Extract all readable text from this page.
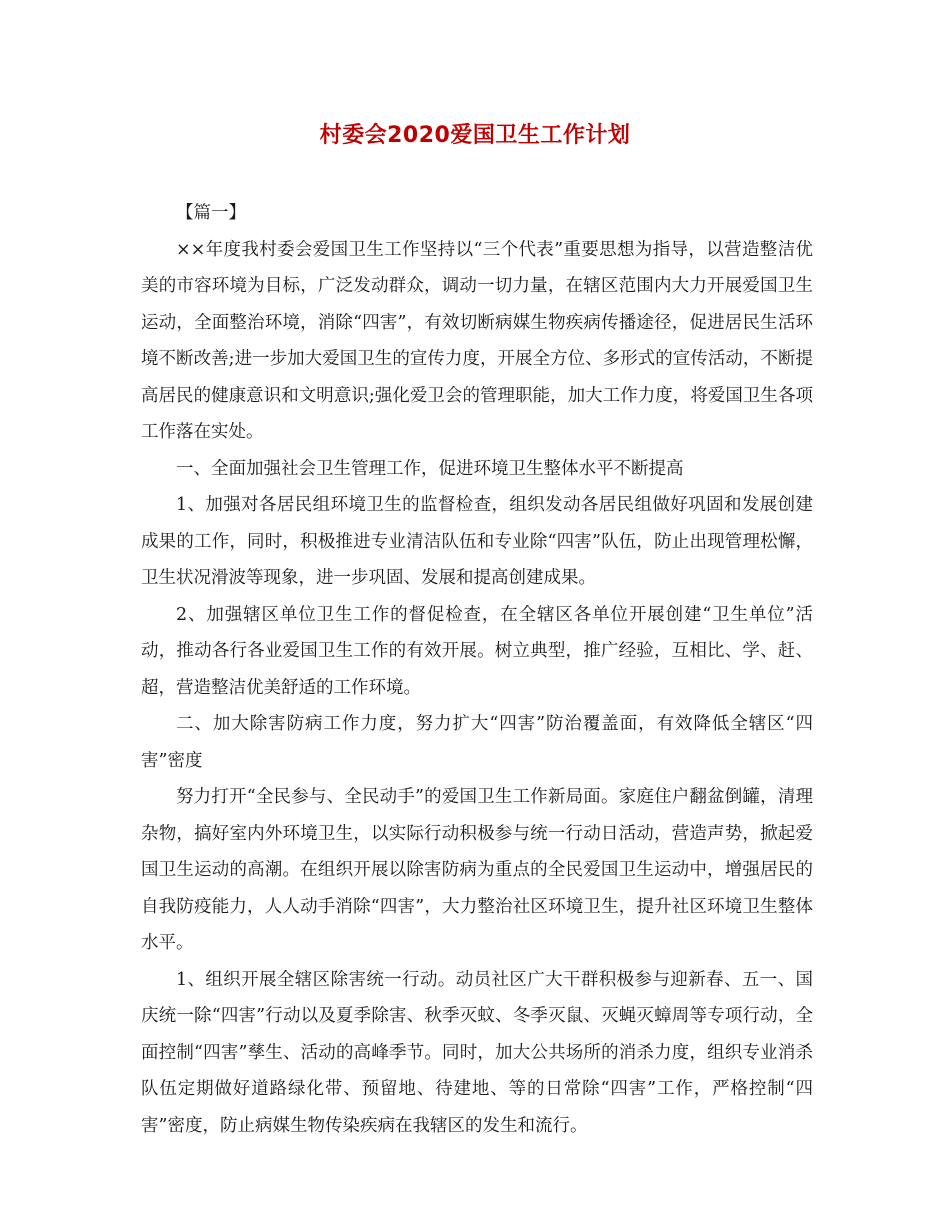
村委会2020爱国卫生工作计划

【篇一】

××年度我村委会爱国卫生工作坚持以“三个代表”重要思想为指导，以营造整洁优美的市容环境为目标，广泛发动群众，调动一切力量，在辖区范围内大力开展爱国卫生运动，全面整治环境，消除“四害”，有效切断病媒生物疾病传播途径，促进居民生活环境不断改善;进一步加大爱国卫生的宣传力度，开展全方位、多形式的宣传活动，不断提高居民的健康意识和文明意识;强化爱卫会的管理职能，加大工作力度，将爱国卫生各项工作落在实处。

一、全面加强社会卫生管理工作，促进环境卫生整体水平不断提高

1、加强对各居民组环境卫生的监督检查，组织发动各居民组做好巩固和发展创建成果的工作，同时，积极推进专业清洁队伍和专业除“四害”队伍，防止出现管理松懈，卫生状况滑波等现象，进一步巩固、发展和提高创建成果。

2、加强辖区单位卫生工作的督促检查，在全辖区各单位开展创建“卫生单位”活动，推动各行各业爱国卫生工作的有效开展。树立典型，推广经验，互相比、学、赶、超，营造整洁优美舒适的工作环境。

二、加大除害防病工作力度，努力扩大“四害”防治覆盖面，有效降低全辖区“四害”密度

努力打开“全民参与、全民动手”的爱国卫生工作新局面。家庭住户翻盆倒罐，清理杂物，搞好室内外环境卫生，以实际行动积极参与统一行动日活动，营造声势，掀起爱国卫生运动的高潮。在组织开展以除害防病为重点的全民爱国卫生运动中，增强居民的自我防疫能力，人人动手消除“四害”，大力整治社区环境卫生，提升社区环境卫生整体水平。

1、组织开展全辖区除害统一行动。动员社区广大干群积极参与迎新春、五一、国庆统一除“四害”行动以及夏季除害、秋季灭蚊、冬季灭鼠、灭蝇灭蟑周等专项行动，全面控制“四害”孳生、活动的高峰季节。同时，加大公共场所的消杀力度，组织专业消杀队伍定期做好道路绿化带、预留地、待建地、等的日常除“四害”工作，严格控制“四害”密度，防止病媒生物传染疾病在我辖区的发生和流行。
